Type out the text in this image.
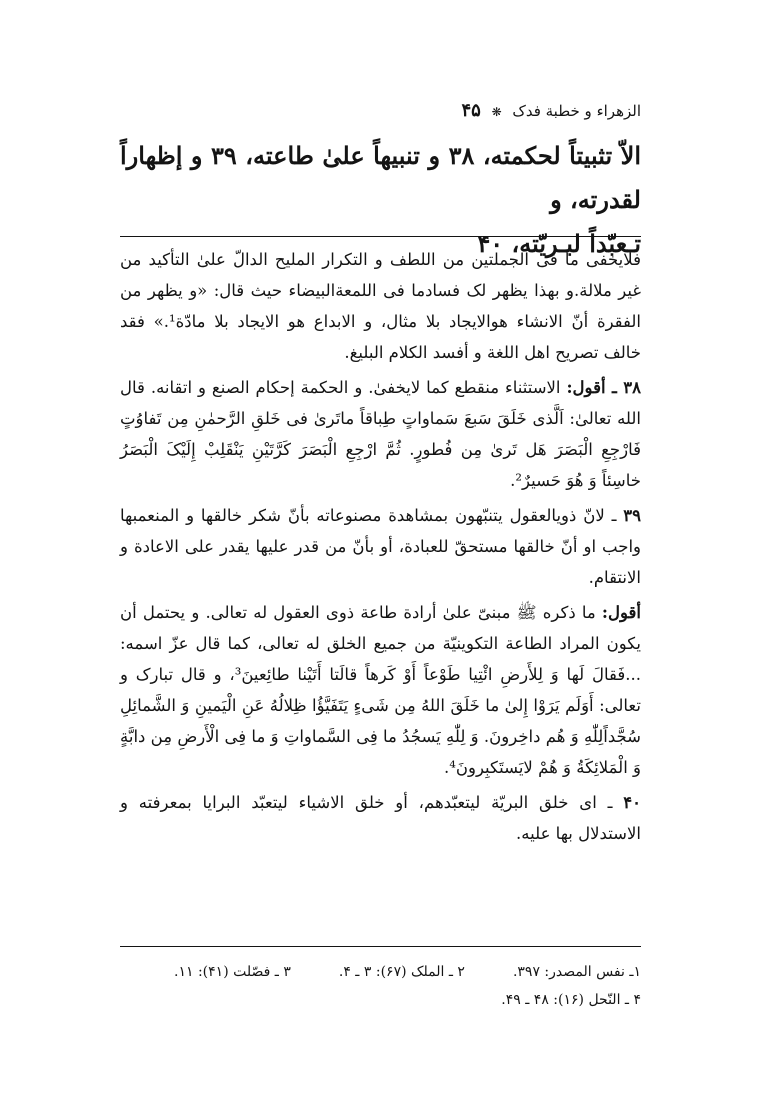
الزهراء و خطبة فدک ❋ ۴۵
الاّ تثبیتاً لحکمته، ۳۸ و تنبیهاً علیٰ طاعته، ۳۹ و إظهاراً لقدرته، و
تـعبّداً لبـریّته، ۴۰

فلایخفی ما فی الجملتین من اللطف و التکرار الملیح الدالّ علیٰ التأکید من غیر ملالة.و بهذا یظهر لک فسادما فی اللمعةالبیضاء حیث قال: «و یظهر من الفقرة أنّ الانشاء هوالایجاد بلا مثال، و الابداع هو الایجاد بلا مادّة¹.» فقد خالف تصریح اهل اللغة و أفسد الکلام البلیغ.

۳۸ ـ أقول: الاستثناء منقطع کما لایخفیٰ. و الحکمة إحکام الصنع و اتقانه. قال الله تعالیٰ: اَلَّذی خَلَقَ سَبعَ سَماواتٍ طِباقاً ماتَریٰ فی خَلقِ الرَّحمٰنِ مِن تَفاوُتٍ فَارْجِعِ الْبَصَرَ هَل تَریٰ مِن فُطورٍ. ثُمَّ ارْجِعِ الْبَصَرَ کَرَّتَیْنِ یَنْقَلِبْ إِلَیْکَ الْبَصَرُ خاسِئاً وَ هُوَ حَسیرٌ².

۳۹ ـ لانّ ذویالعقول یتنبّهون بمشاهدة مصنوعاته بأنّ شکر خالقها و المنعمبها واجب او أنّ خالقها مستحقّ للعبادة، أو بأنّ من قدر علیها یقدر علی الاعادة و الانتقام.

أقول: ما ذکره ﷺ مبنیّ علیٰ أرادة طاعة ذوی العقول له تعالی. و یحتمل أن یکون المراد الطاعة التکوینیّة من جمیع الخلق له تعالی، کما قال عزّ اسمه: ...فَقالَ لَها وَ لِلأَرضِ ائْتِیا طَوْعاً أَوْ کَرهاً قالَتا أَتَیْنا طائِعینَ³، و قال تبارک و تعالی: أَوَلَم یَرَوْا إِلیٰ ما خَلَقَ اللهُ مِن شَیءٍ یَتَفَیَّؤُا ظِلالُهُ عَنِ الْیَمینِ وَ الشَّمائِلِ سُجَّداًلِلّٰهِ وَ هُم داخِرونَ. وَ لِلّٰهِ یَسجُدُ ما فِی السَّماواتِ وَ ما فِی الْأَرضِ مِن دابَّةٍ وَ الْمَلائِکَةُ وَ هُمْ لایَستَکبِرونَ⁴.

۴۰ ـ ای خلق البریّة لیتعبّدهم، أو خلق الاشیاء لیتعبّد البرایا بمعرفته و الاستدلال بها علیه.

۱ـ نفس المصدر: ۳۹۷.
۲ ـ الملک (۶۷): ۳ ـ ۴.
۳ ـ فصّلت (۴۱): ۱۱.
۴ ـ النّحل (۱۶): ۴۸ ـ ۴۹.
